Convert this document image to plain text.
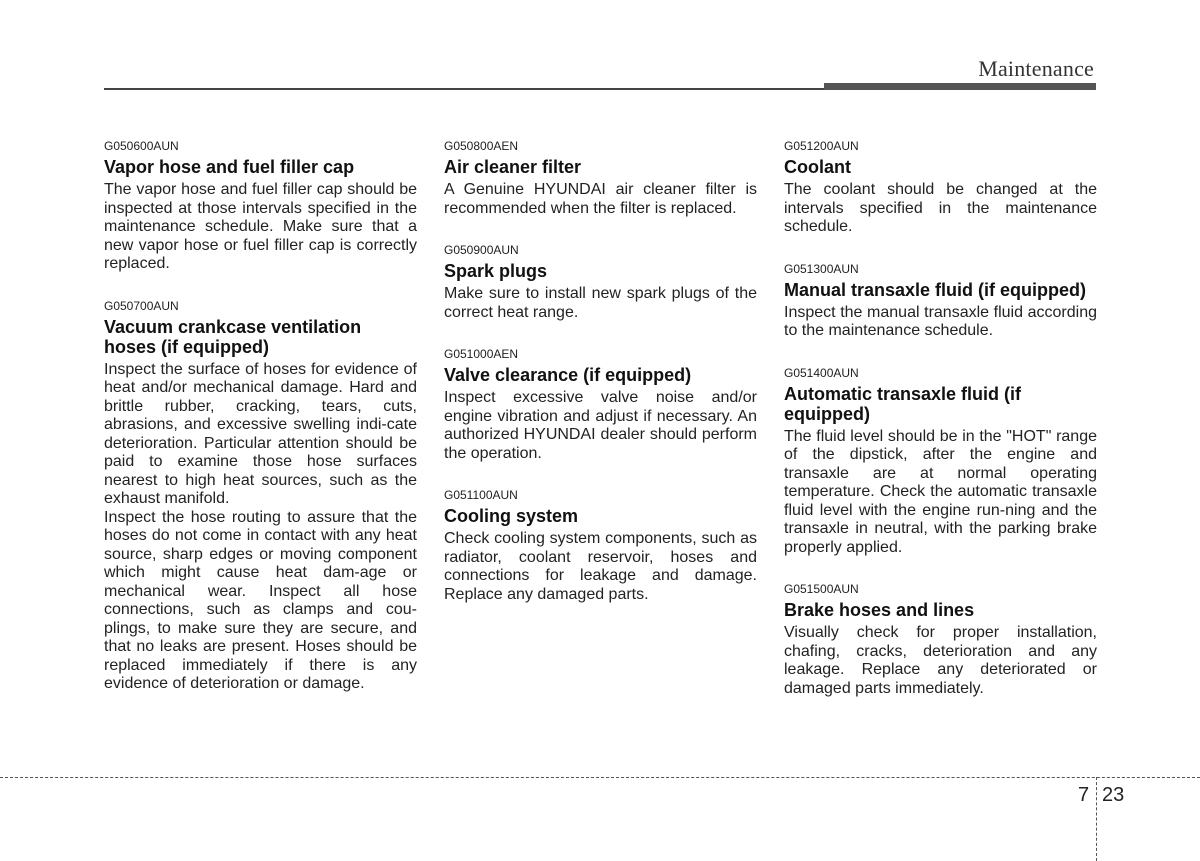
Maintenance
G050600AUN
Vapor hose and fuel filler cap

The vapor hose and fuel filler cap should be inspected at those intervals specified in the maintenance schedule. Make sure that a new vapor hose or fuel filler cap is correctly replaced.

G050700AUN
Vacuum crankcase ventilation hoses (if equipped)

Inspect the surface of hoses for evidence of heat and/or mechanical damage. Hard and brittle rubber, cracking, tears, cuts, abrasions, and excessive swelling indi-cate deterioration. Particular attention should be paid to examine those hose surfaces nearest to high heat sources, such as the exhaust manifold.

Inspect the hose routing to assure that the hoses do not come in contact with any heat source, sharp edges or moving component which might cause heat dam-age or mechanical wear. Inspect all hose connections, such as clamps and cou-plings, to make sure they are secure, and that no leaks are present. Hoses should be replaced immediately if there is any evidence of deterioration or damage.

G050800AEN
Air cleaner filter

A Genuine HYUNDAI air cleaner filter is recommended when the filter is replaced.

G050900AUN
Spark plugs

Make sure to install new spark plugs of the correct heat range.

G051000AEN
Valve clearance (if equipped)

Inspect excessive valve noise and/or engine vibration and adjust if necessary. An authorized HYUNDAI dealer should perform the operation.

G051100AUN
Cooling system

Check cooling system components, such as radiator, coolant reservoir, hoses and connections for leakage and damage. Replace any damaged parts.

G051200AUN
Coolant

The coolant should be changed at the intervals specified in the maintenance schedule.

G051300AUN
Manual transaxle fluid (if equipped)

Inspect the manual transaxle fluid according to the maintenance schedule.

G051400AUN
Automatic transaxle fluid (if equipped)

The fluid level should be in the "HOT" range of the dipstick, after the engine and transaxle are at normal operating temperature. Check the automatic transaxle fluid level with the engine run-ning and the transaxle in neutral, with the parking brake properly applied.

G051500AUN
Brake hoses and lines

Visually check for proper installation, chafing, cracks, deterioration and any leakage. Replace any deteriorated or damaged parts immediately.

7 23
